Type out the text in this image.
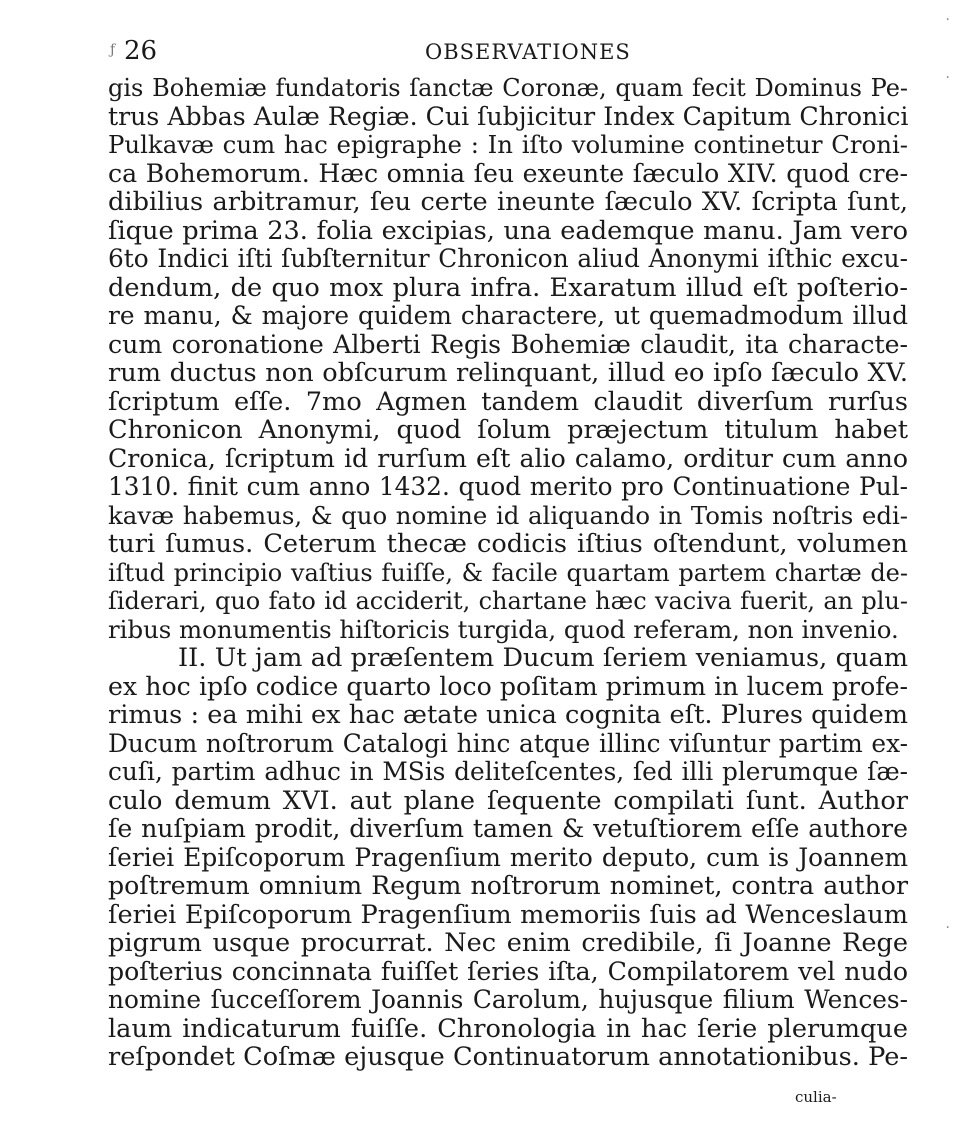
ƒ 26	OBSERVATIONES
gis Bohemiæ fundatoris ſanctæ Coronæ, quam fecit Dominus Pe-
trus Abbas Aulæ Regiæ. Cui ſubjicitur Index Capitum Chronici
Pulkavæ cum hac epigraphe : In iſto volumine continetur Croni-
ca Bohemorum. Hæc omnia ſeu exeunte ſæculo XIV. quod cre-
dibilius arbitramur, ſeu certe ineunte ſæculo XV. ſcripta ſunt,
ſique prima 23. folia excipias, una eademque manu. Jam vero
6to Indici iſti ſubſternitur Chronicon aliud Anonymi iſthic excu-
dendum, de quo mox plura infra. Exaratum illud eſt poſterio-
re manu, & majore quidem charactere, ut quemadmodum illud
cum coronatione Alberti Regis Bohemiæ claudit, ita characte-
rum ductus non obſcurum relinquant, illud eo ipſo ſæculo XV.
ſcriptum eſſe. 7mo Agmen tandem claudit diverſum rurſus
Chronicon Anonymi, quod ſolum præjectum titulum habet
Cronica, ſcriptum id rurſum eſt alio calamo, orditur cum anno
1310. finit cum anno 1432. quod merito pro Continuatione Pul-
kavæ habemus, & quo nomine id aliquando in Tomis noſtris edi-
turi ſumus. Ceterum thecæ codicis iſtius oſtendunt, volumen
iſtud principio vaſtius fuiſſe, & facile quartam partem chartæ de-
ſiderari, quo fato id acciderit, chartane hæc vaciva fuerit, an plu-
ribus monumentis hiſtoricis turgida, quod referam, non invenio.
II. Ut jam ad præſentem Ducum ſeriem veniamus, quam
ex hoc ipſo codice quarto loco poſitam primum in lucem profe-
rimus : ea mihi ex hac ætate unica cognita eſt. Plures quidem
Ducum noſtrorum Catalogi hinc atque illinc viſuntur partim ex-
cuſi, partim adhuc in MSis deliteſcentes, ſed illi plerumque ſæ-
culo demum XVI. aut plane ſequente compilati ſunt. Author
ſe nuſpiam prodit, diverſum tamen & vetuſtiorem eſſe authore
ſeriei Epiſcoporum Pragenſium merito deputo, cum is Joannem
poſtremum omnium Regum noſtrorum nominet, contra author
ſeriei Epiſcoporum Pragenſium memoriis ſuis ad Wenceslaum
pigrum usque procurrat. Nec enim credibile, ſi Joanne Rege
poſterius concinnata fuiſſet ſeries iſta, Compilatorem vel nudo
nomine ſucceſſorem Joannis Carolum, hujusque filium Wences-
laum indicaturum fuiſſe. Chronologia in hac ſerie plerumque
reſpondet Coſmæ ejusque Continuatorum annotationibus. Pe-
culia-
·
·
·
